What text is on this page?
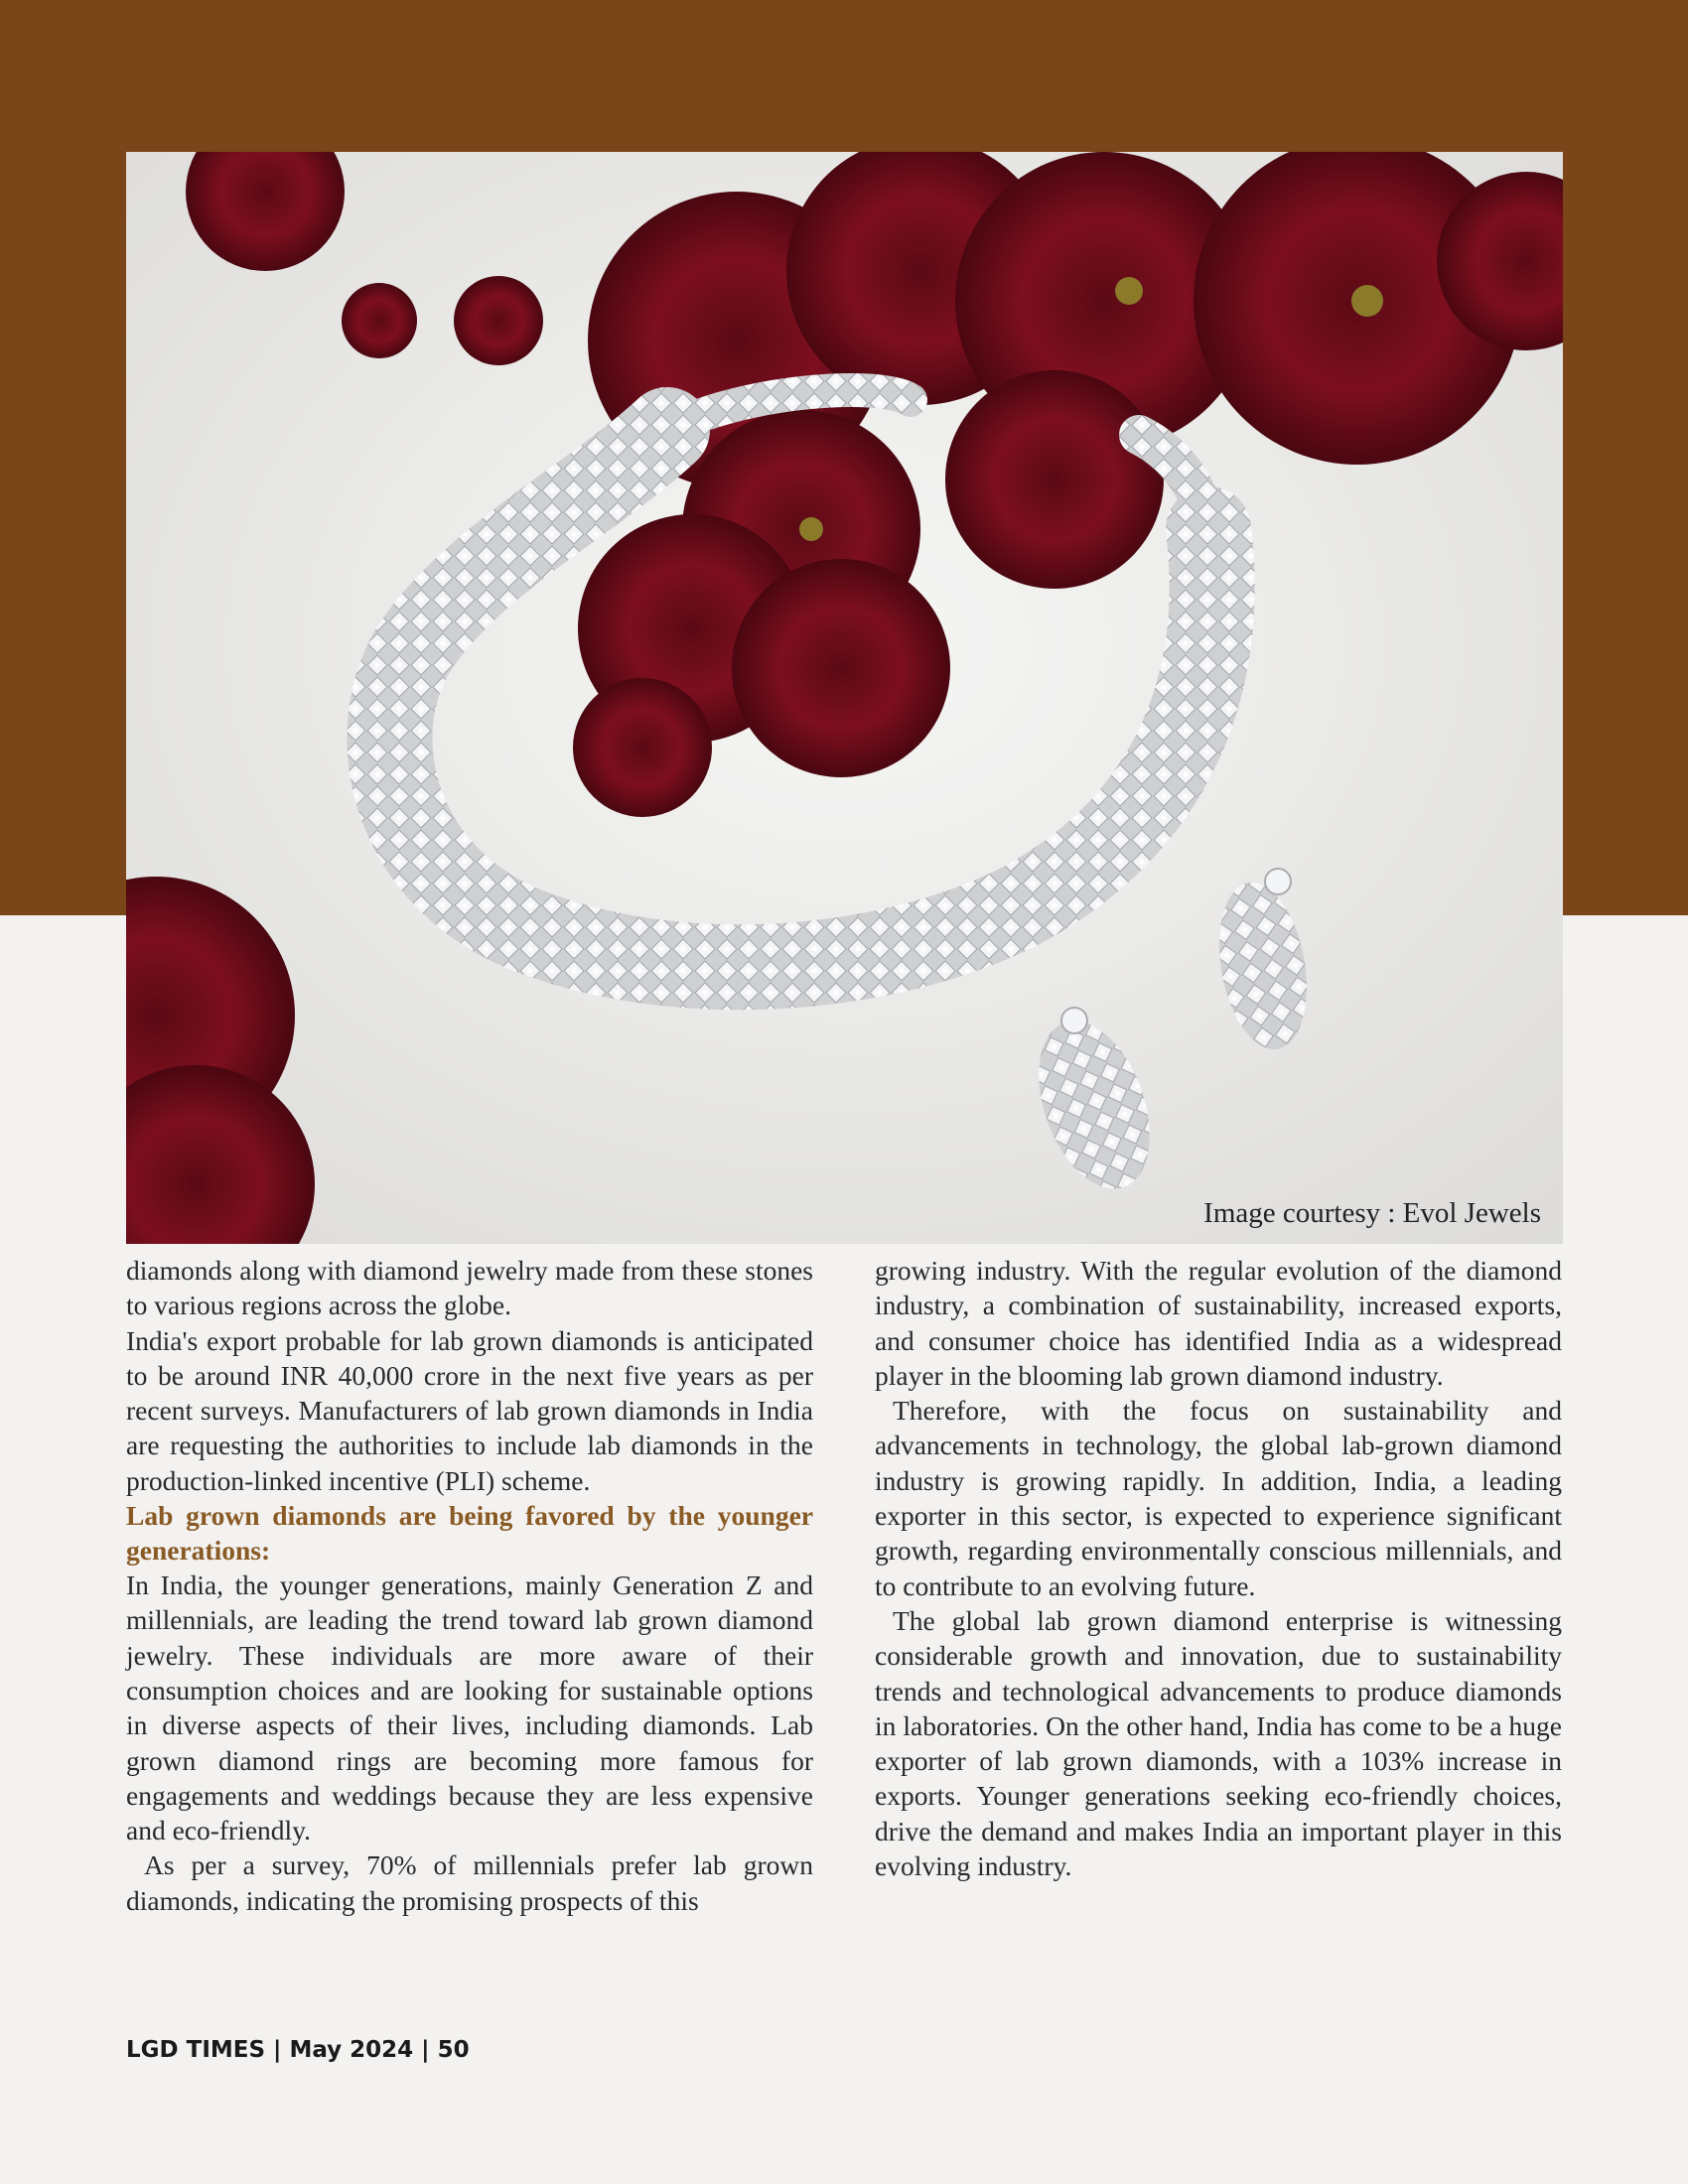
Image courtesy : Evol Jewels

diamonds along with diamond jewelry made from these stones to various regions across the globe.

India's export probable for lab grown diamonds is anticipated to be around INR 40,000 crore in the next five years as per recent surveys. Manufacturers of lab grown diamonds in India are requesting the authorities to include lab diamonds in the production-linked incentive (PLI) scheme.

Lab grown diamonds are being favored by the younger generations:

In India, the younger generations, mainly Generation Z and millennials, are leading the trend toward lab grown diamond jewelry. These individuals are more aware of their consumption choices and are looking for sustainable options in diverse aspects of their lives, including diamonds. Lab grown diamond rings are becoming more famous for engagements and weddings because they are less expensive and eco-friendly.

As per a survey, 70% of millennials prefer lab grown diamonds, indicating the promising prospects of this

growing industry. With the regular evolution of the diamond industry, a combination of sustainability, increased exports, and consumer choice has identified India as a widespread player in the blooming lab grown diamond industry.

Therefore, with the focus on sustainability and advancements in technology, the global lab-grown diamond industry is growing rapidly. In addition, India, a leading exporter in this sector, is expected to experience significant growth, regarding environmentally conscious millennials, and to contribute to an evolving future.

The global lab grown diamond enterprise is witnessing considerable growth and innovation, due to sustainability trends and technological advancements to produce diamonds in laboratories. On the other hand, India has come to be a huge exporter of lab grown diamonds, with a 103% increase in exports. Younger generations seeking eco-friendly choices, drive the demand and makes India an important player in this evolving industry.

LGD TIMES | May 2024 | 50
